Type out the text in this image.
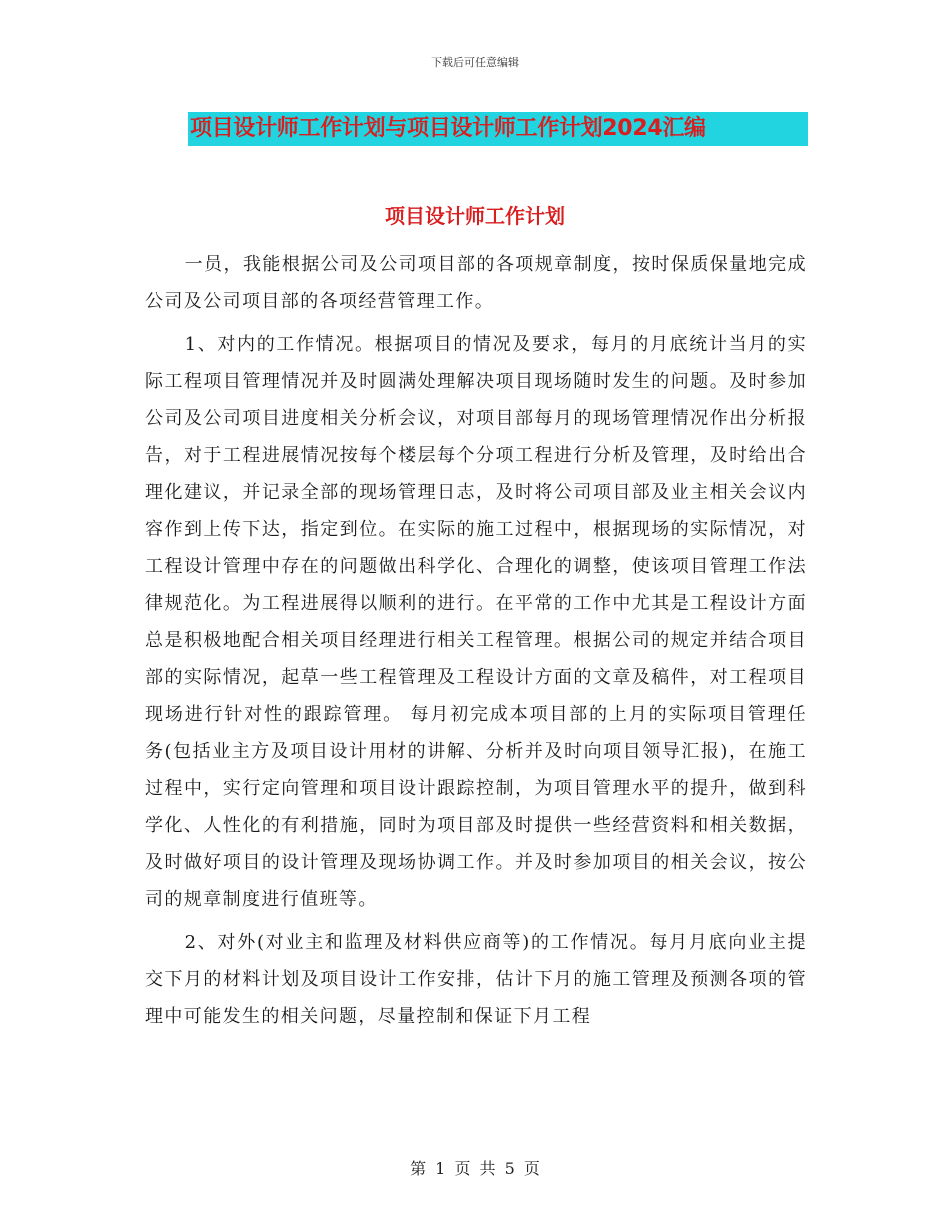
下载后可任意编辑
项目设计师工作计划与项目设计师工作计划2024汇编
项目设计师工作计划

一员，我能根据公司及公司项目部的各项规章制度，按时保质保量地完成公司及公司项目部的各项经营管理工作。

1、对内的工作情况。根据项目的情况及要求，每月的月底统计当月的实际工程项目管理情况并及时圆满处理解决项目现场随时发生的问题。及时参加公司及公司项目进度相关分析会议，对项目部每月的现场管理情况作出分析报告，对于工程进展情况按每个楼层每个分项工程进行分析及管理，及时给出合理化建议，并记录全部的现场管理日志，及时将公司项目部及业主相关会议内容作到上传下达，指定到位。在实际的施工过程中，根据现场的实际情况，对工程设计管理中存在的问题做出科学化、合理化的调整，使该项目管理工作法律规范化。为工程进展得以顺利的进行。在平常的工作中尤其是工程设计方面总是积极地配合相关项目经理进行相关工程管理。根据公司的规定并结合项目部的实际情况，起草一些工程管理及工程设计方面的文章及稿件，对工程项目现场进行针对性的跟踪管理。 每月初完成本项目部的上月的实际项目管理任务(包括业主方及项目设计用材的讲解、分析并及时向项目领导汇报)，在施工过程中，实行定向管理和项目设计跟踪控制，为项目管理水平的提升，做到科学化、人性化的有利措施，同时为项目部及时提供一些经营资料和相关数据，及时做好项目的设计管理及现场协调工作。并及时参加项目的相关会议，按公司的规章制度进行值班等。

2、对外(对业主和监理及材料供应商等)的工作情况。每月月底向业主提交下月的材料计划及项目设计工作安排，估计下月的施工管理及预测各项的管理中可能发生的相关问题，尽量控制和保证下月工程

第 1 页 共 5 页
